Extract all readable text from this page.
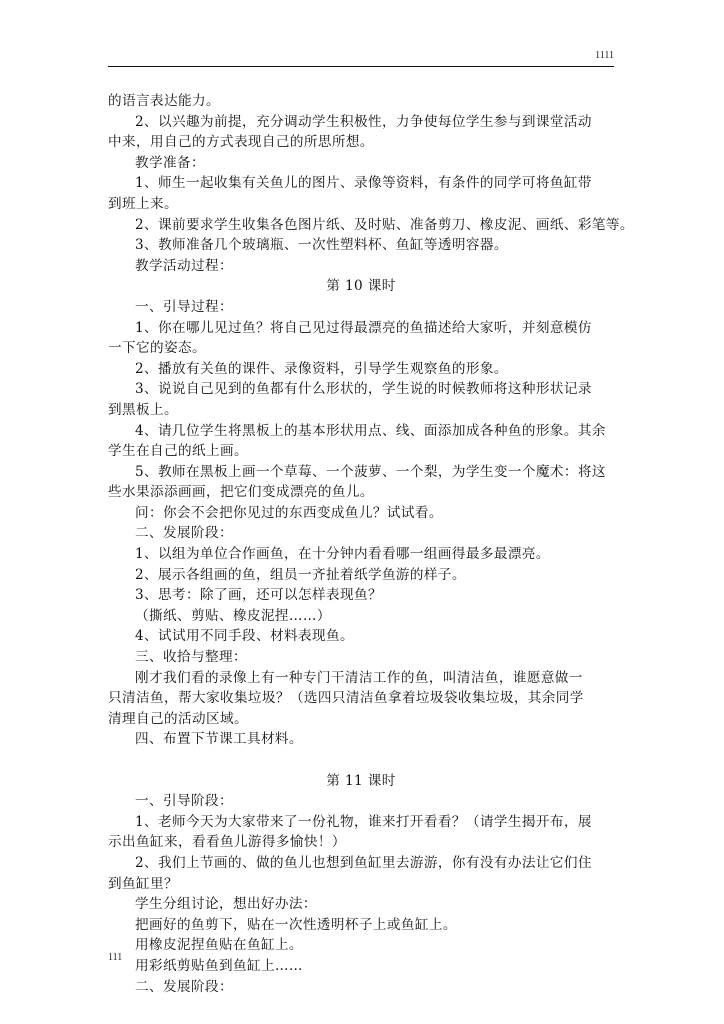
1111
的语言表达能力。
2、以兴趣为前提，充分调动学生积极性，力争使每位学生参与到课堂活动
中来，用自己的方式表现自己的所思所想。
教学准备：
1、师生一起收集有关鱼儿的图片、录像等资料，有条件的同学可将鱼缸带
到班上来。
2、课前要求学生收集各色图片纸、及时贴、准备剪刀、橡皮泥、画纸、彩笔等。
3、教师准备几个玻璃瓶、一次性塑料杯、鱼缸等透明容器。
教学活动过程：
第 10 课时
一、引导过程：
1、你在哪儿见过鱼？将自己见过得最漂亮的鱼描述给大家听，并刻意模仿
一下它的姿态。
2、播放有关鱼的课件、录像资料，引导学生观察鱼的形象。
3、说说自己见到的鱼都有什么形状的，学生说的时候教师将这种形状记录
到黑板上。
4、请几位学生将黑板上的基本形状用点、线、面添加成各种鱼的形象。其余
学生在自己的纸上画。
5、教师在黑板上画一个草莓、一个菠萝、一个梨，为学生变一个魔术：将这
些水果添添画画，把它们变成漂亮的鱼儿。
问：你会不会把你见过的东西变成鱼儿？试试看。
二、发展阶段：
1、以组为单位合作画鱼，在十分钟内看看哪一组画得最多最漂亮。
2、展示各组画的鱼，组员一齐扯着纸学鱼游的样子。
3、思考：除了画，还可以怎样表现鱼？
（撕纸、剪贴、橡皮泥捏……）
4、试试用不同手段、材料表现鱼。
三、收拾与整理：
刚才我们看的录像上有一种专门干清洁工作的鱼，叫清洁鱼，谁愿意做一
只清洁鱼，帮大家收集垃圾？（选四只清洁鱼拿着垃圾袋收集垃圾，其余同学
清理自己的活动区域。
四、布置下节课工具材料。
第 11 课时
一、引导阶段：
1、老师今天为大家带来了一份礼物，谁来打开看看？（请学生揭开布，展
示出鱼缸来，看看鱼儿游得多愉快！）
2、我们上节画的、做的鱼儿也想到鱼缸里去游游，你有没有办法让它们住
到鱼缸里？
学生分组讨论，想出好办法：
把画好的鱼剪下，贴在一次性透明杯子上或鱼缸上。
用橡皮泥捏鱼贴在鱼缸上。
用彩纸剪贴鱼到鱼缸上……
二、发展阶段：
111
